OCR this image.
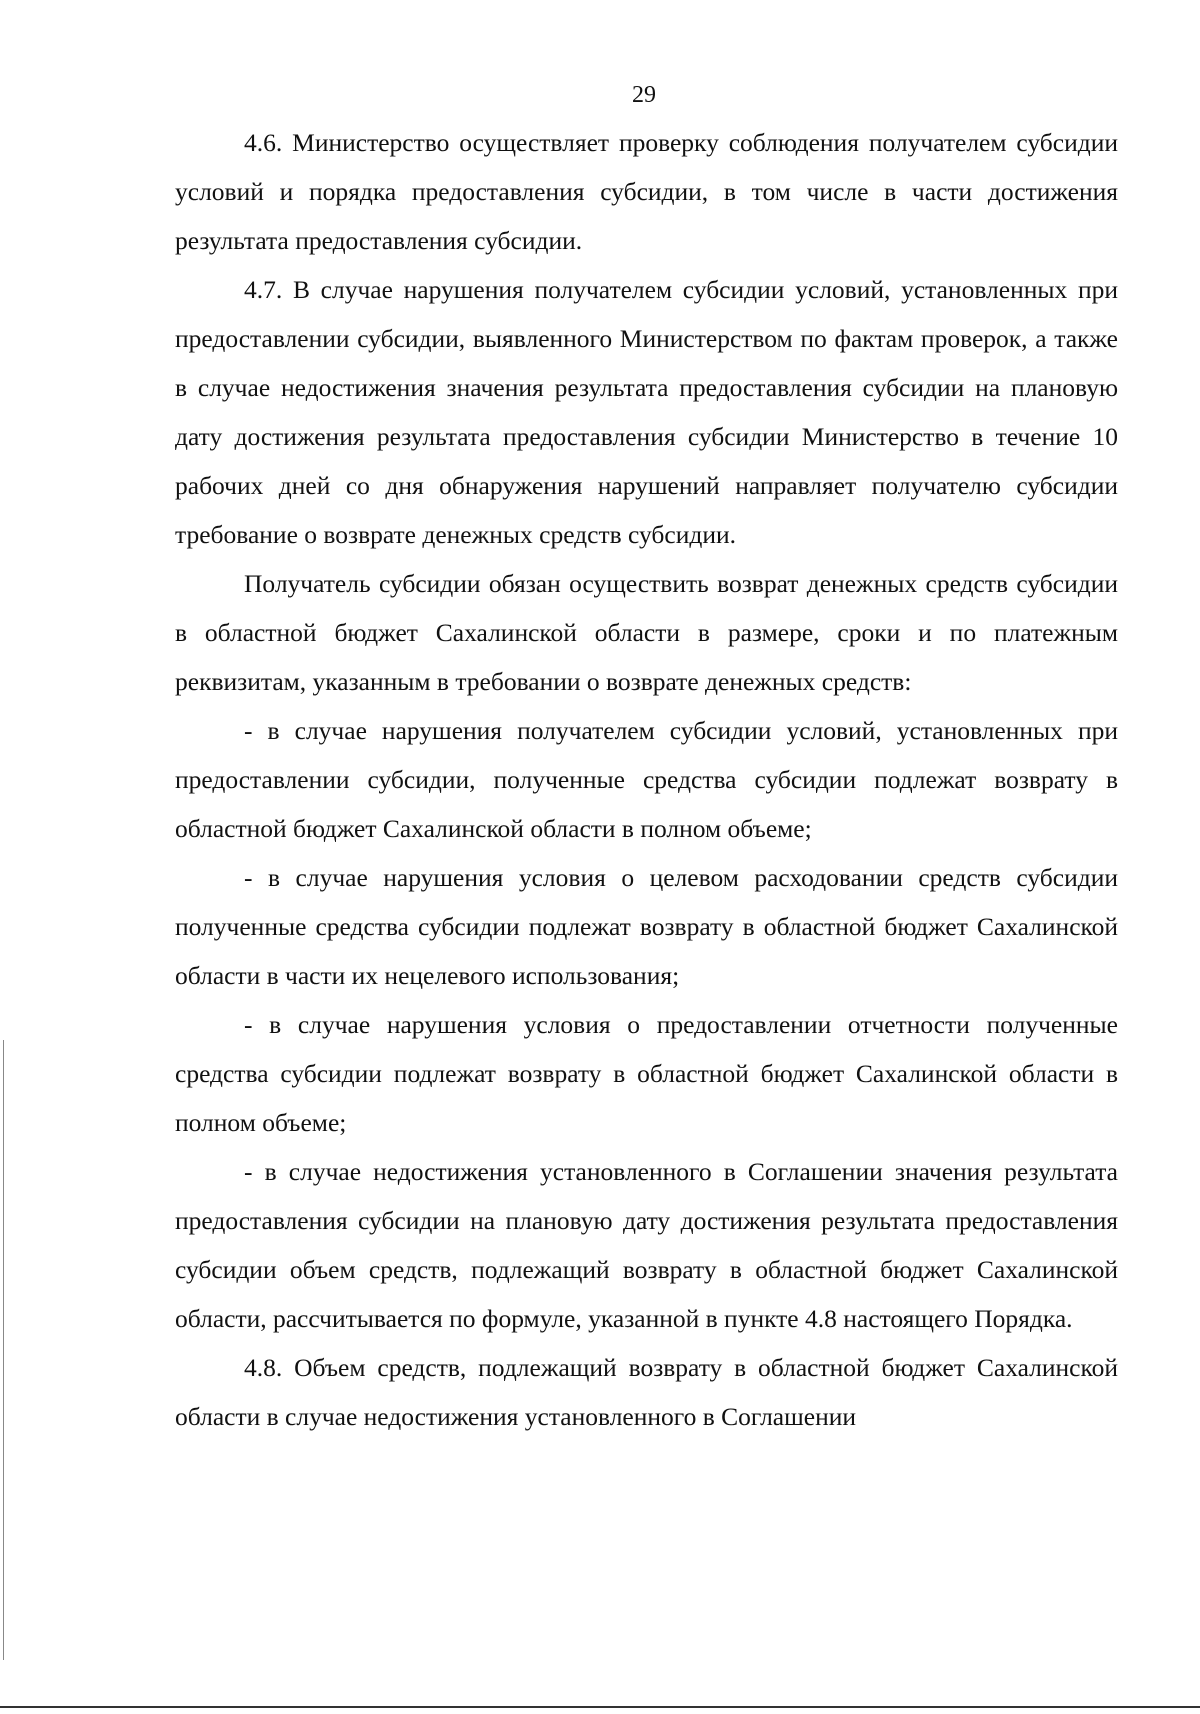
29

4.6. Министерство осуществляет проверку соблюдения получателем субсидии условий и порядка предоставления субсидии, в том числе в части достижения результата предоставления субсидии.

4.7. В случае нарушения получателем субсидии условий, установленных при предоставлении субсидии, выявленного Министерством по фактам проверок, а также в случае недостижения значения результата предоставления субсидии на плановую дату достижения результата предоставления субсидии Министерство в течение 10 рабочих дней со дня обнаружения нарушений направляет получателю субсидии требование о возврате денежных средств субсидии.

Получатель субсидии обязан осуществить возврат денежных средств субсидии в областной бюджет Сахалинской области в размере, сроки и по платежным реквизитам, указанным в требовании о возврате денежных средств:

- в случае нарушения получателем субсидии условий, установленных при предоставлении субсидии, полученные средства субсидии подлежат возврату в областной бюджет Сахалинской области в полном объеме;

- в случае нарушения условия о целевом расходовании средств субсидии полученные средства субсидии подлежат возврату в областной бюджет Сахалинской области в части их нецелевого использования;

- в случае нарушения условия о предоставлении отчетности полученные средства субсидии подлежат возврату в областной бюджет Сахалинской области в полном объеме;

- в случае недостижения установленного в Соглашении значения результата предоставления субсидии на плановую дату достижения результата предоставления субсидии объем средств, подлежащий возврату в областной бюджет Сахалинской области, рассчитывается по формуле, указанной в пункте 4.8 настоящего Порядка.

4.8. Объем средств, подлежащий возврату в областной бюджет Сахалинской области в случае недостижения установленного в Соглашении
